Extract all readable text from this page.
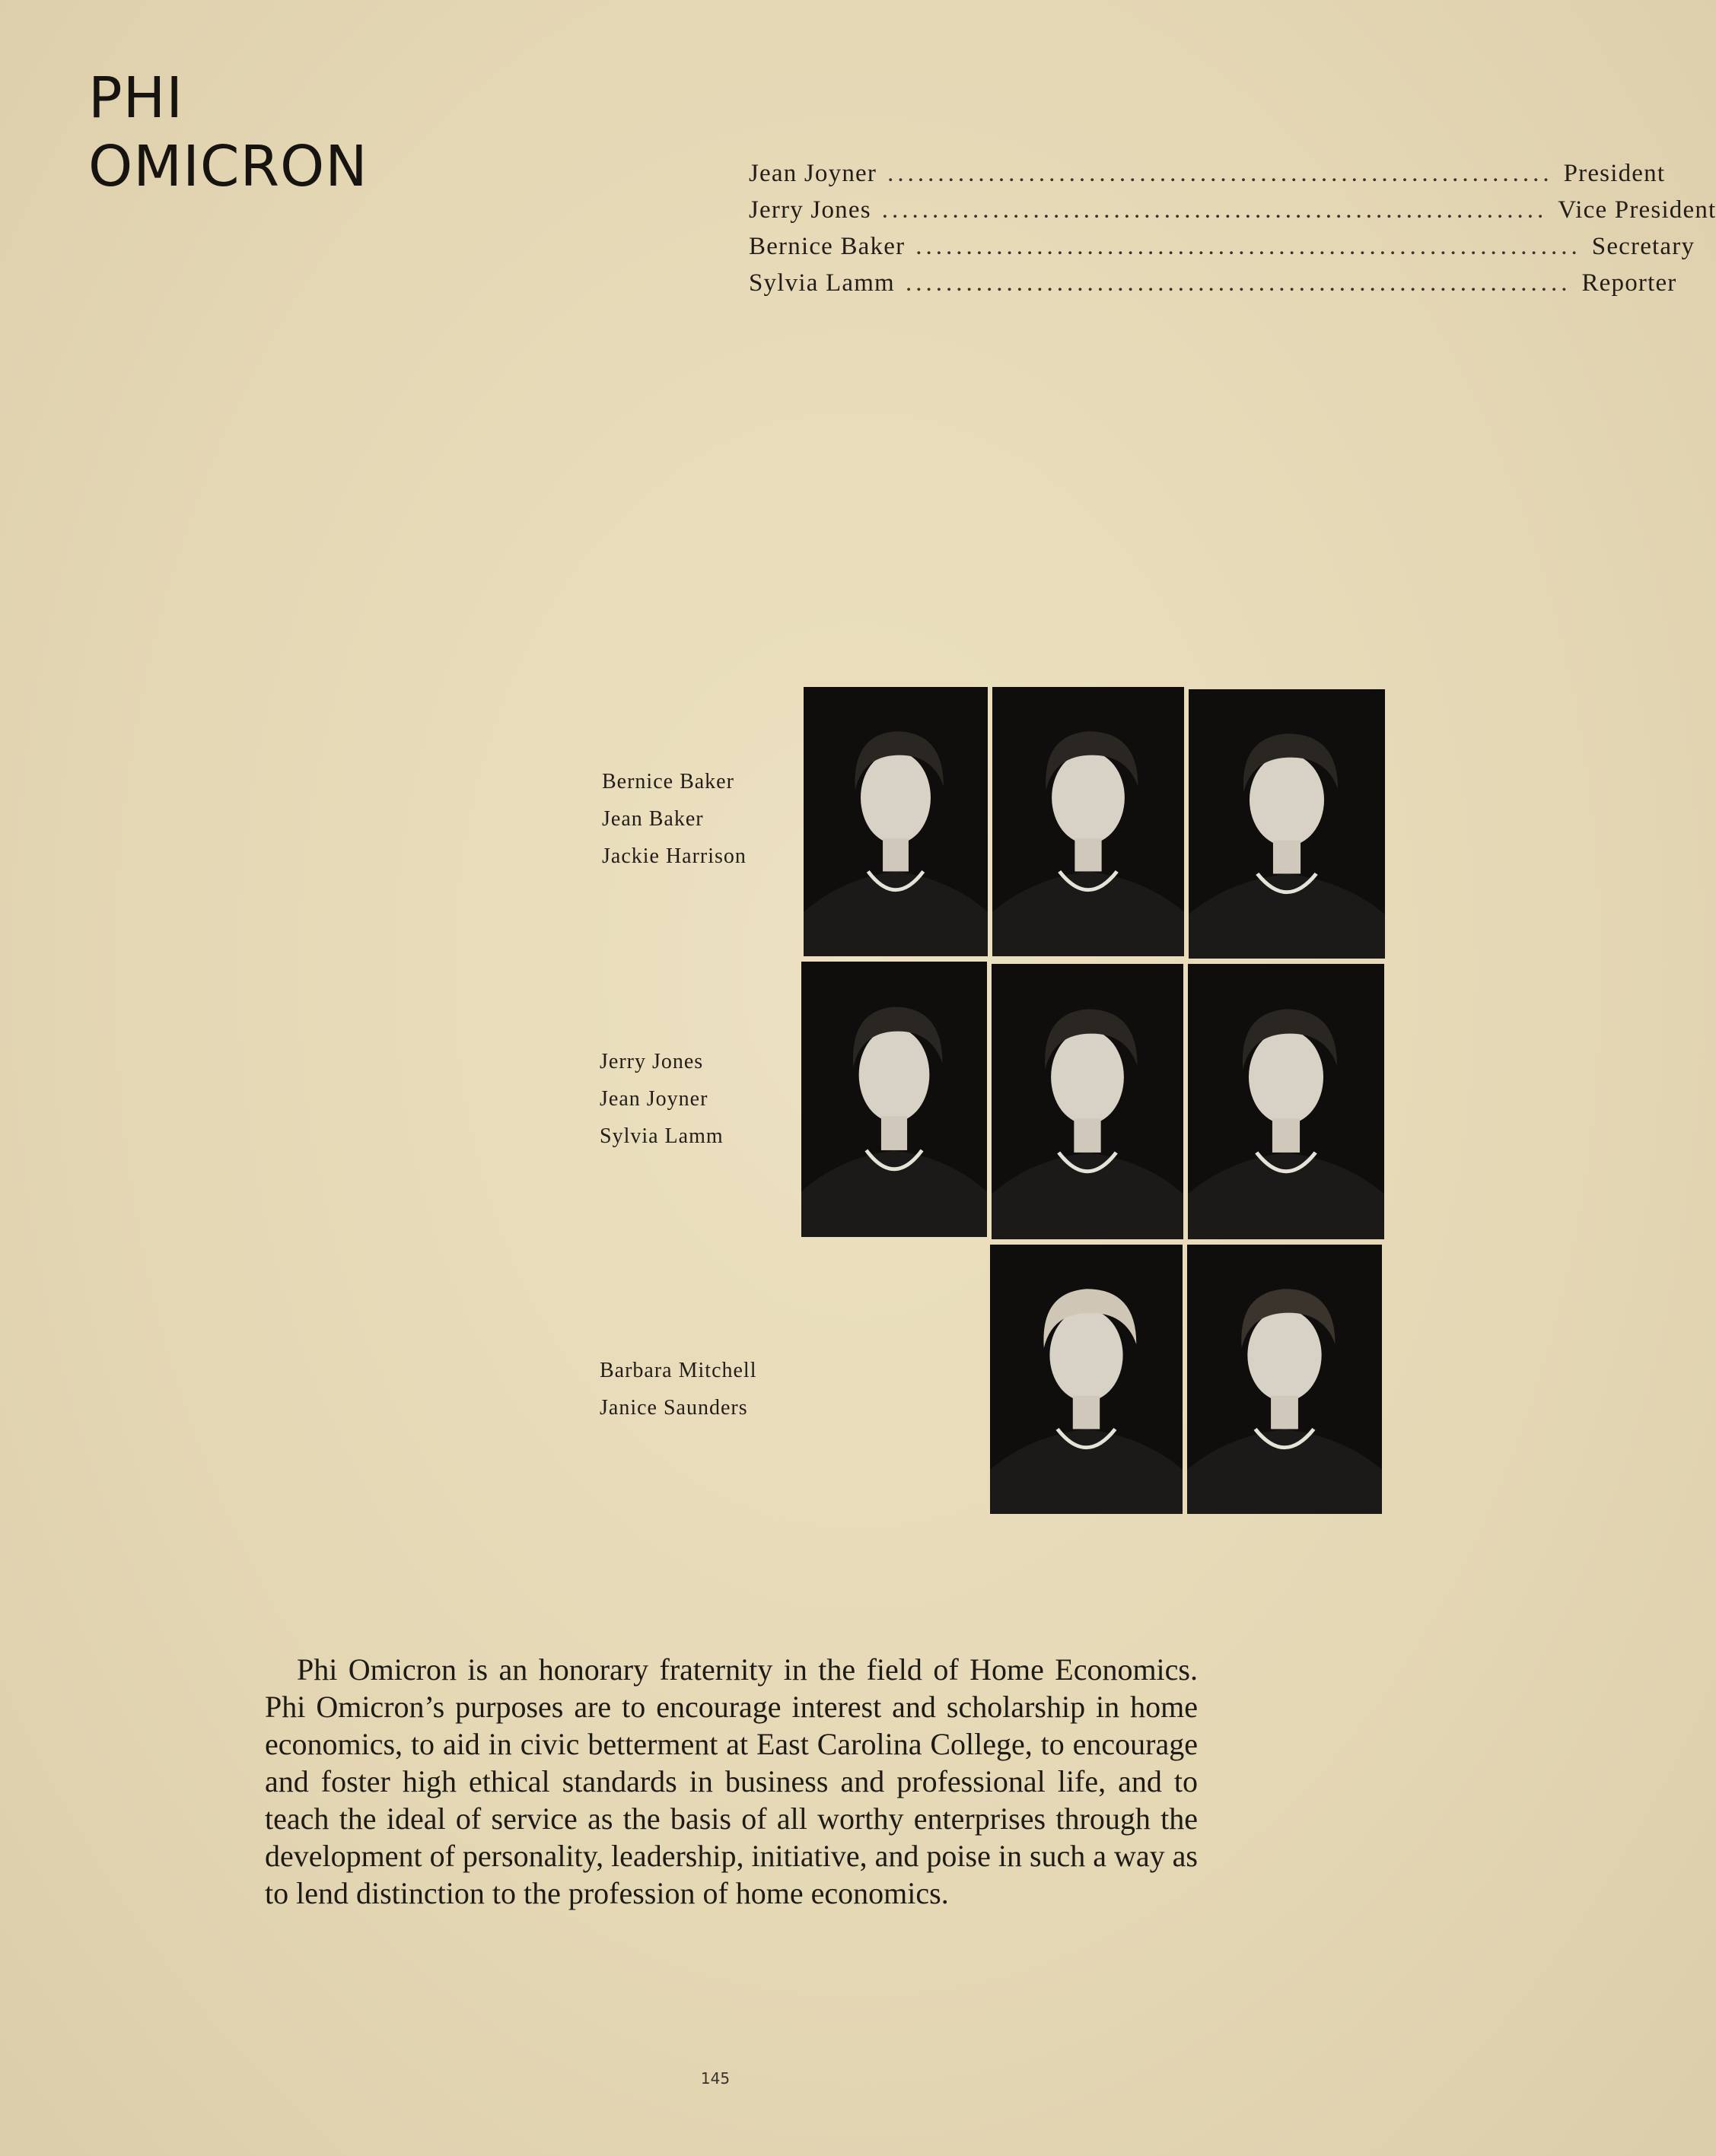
PHI
OMICRON	Jean Joyner .................................................................. President
Jerry Jones .................................................................. Vice President
Bernice Baker .................................................................. Secretary
Sylvia Lamm .................................................................. Reporter
Bernice Baker
Jean Baker
Jackie Harrison
Jerry Jones
Jean Joyner
Sylvia Lamm
Barbara Mitchell
Janice Saunders

Phi Omicron is an honorary fraternity in the field of Home Economics. Phi Omicron’s purposes are to encourage interest and scholarship in home economics, to aid in civic betterment at East Carolina College, to encourage and foster high ethical standards in business and professional life, and to teach the ideal of service as the basis of all worthy enterprises through the development of personality, leadership, initiative, and poise in such a way as to lend distinction to the profession of home economics.

145
